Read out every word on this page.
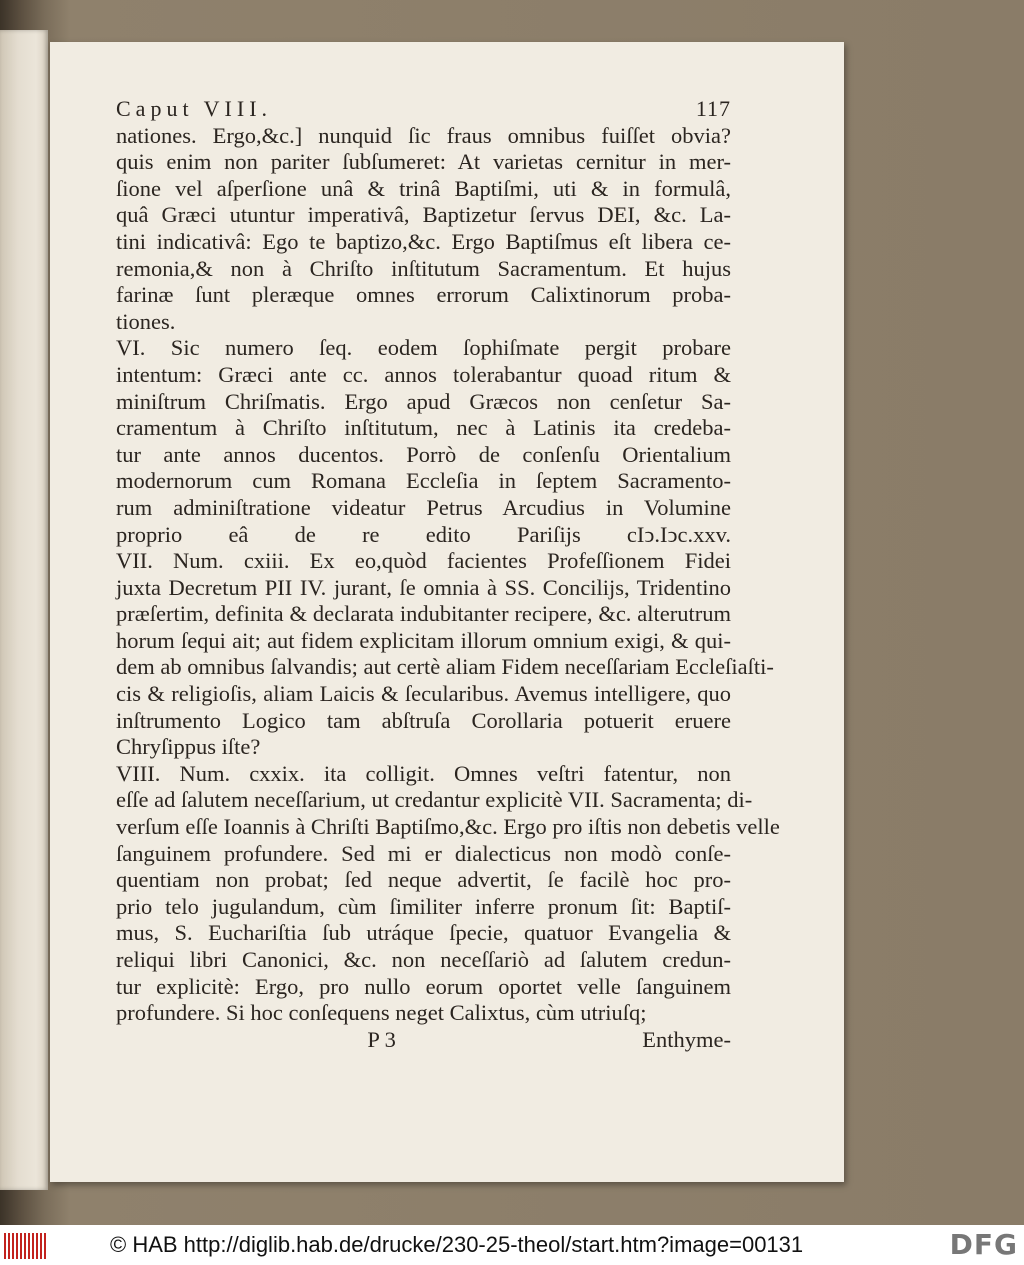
Caput VIII.	117
nationes. Ergo,&c.] nunquid ſic fraus omnibus fuiſſet obvia?
quis enim non pariter ſubſumeret: At varietas cernitur in mer-
ſione vel aſperſione unâ & trinâ Baptiſmi, uti & in formulâ,
quâ Græci utuntur imperativâ, Baptizetur ſervus DEI, &c. La-
tini indicativâ: Ego te baptizo,&c. Ergo Baptiſmus eſt libera ce-
remonia,& non à Chriſto inſtitutum Sacramentum. Et hujus
farinæ ſunt pleræque omnes errorum Calixtinorum proba-
tiones.
VI. Sic numero ſeq. eodem ſophiſmate pergit probare
intentum: Græci ante cc. annos tolerabantur quoad ritum &
miniſtrum Chriſmatis. Ergo apud Græcos non cenſetur Sa-
cramentum à Chriſto inſtitutum, nec à Latinis ita credeba-
tur ante annos ducentos. Porrò de conſenſu Orientalium
modernorum cum Romana Eccleſia in ſeptem Sacramento-
rum adminiſtratione videatur Petrus Arcudius in Volumine
proprio eâ de re edito Pariſijs cIↄ.Iↄc.xxv.
VII. Num. cxiii. Ex eo,quòd facientes Profeſſionem Fidei
juxta Decretum PII IV. jurant, ſe omnia à SS. Concilijs, Tridentino
præſertim, definita & declarata indubitanter recipere, &c. alterutrum
horum ſequi ait; aut fidem explicitam illorum omnium exigi, & qui-
dem ab omnibus ſalvandis; aut certè aliam Fidem neceſſariam Eccleſiaſti-
cis & religioſis, aliam Laicis & ſecularibus. Avemus intelligere, quo
inſtrumento Logico tam abſtruſa Corollaria potuerit eruere
Chryſippus iſte?
VIII. Num. cxxix. ita colligit. Omnes veſtri fatentur, non
eſſe ad ſalutem neceſſarium, ut credantur explicitè VII. Sacramenta; di-
verſum eſſe Ioannis à Chriſti Baptiſmo,&c. Ergo pro iſtis non debetis velle
ſanguinem profundere. Sed mi er dialecticus non modò conſe-
quentiam non probat; ſed neque advertit, ſe facilè hoc pro-
prio telo jugulandum, cùm ſimiliter inferre pronum ſit: Baptiſ-
mus, S. Euchariſtia ſub utráque ſpecie, quatuor Evangelia &
reliqui libri Canonici, &c. non neceſſariò ad ſalutem credun-
tur explicitè: Ergo, pro nullo eorum oportet velle ſanguinem
profundere. Si hoc conſequens neget Calixtus, cùm utriuſq;
P 3	Enthyme-
© HAB http://diglib.hab.de/drucke/230-25-theol/start.htm?image=00131	DFG
